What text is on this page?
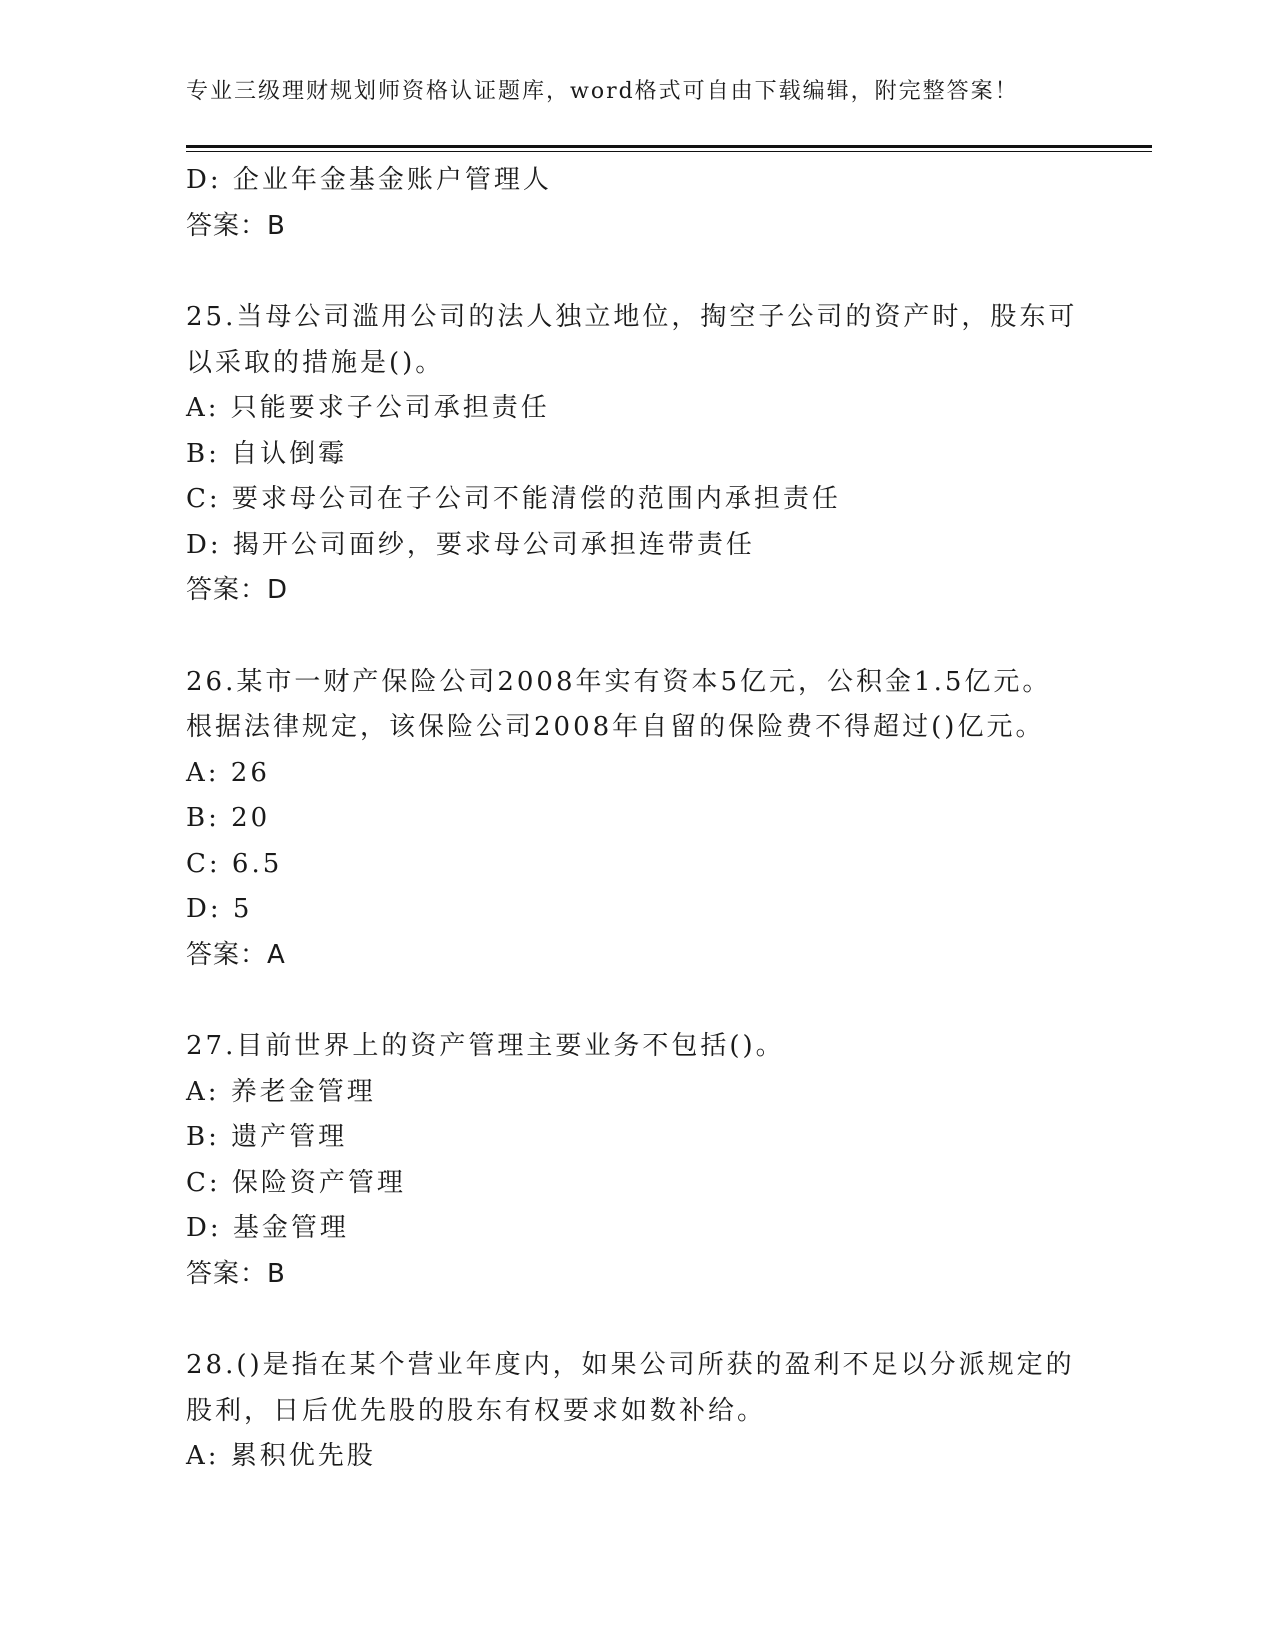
专业三级理财规划师资格认证题库，word格式可自由下载编辑，附完整答案！
D: 企业年金基金账户管理人
答案：B
25.当母公司滥用公司的法人独立地位，掏空子公司的资产时，股东可
以采取的措施是()。
A: 只能要求子公司承担责任
B: 自认倒霉
C: 要求母公司在子公司不能清偿的范围内承担责任
D: 揭开公司面纱，要求母公司承担连带责任
答案：D
26.某市一财产保险公司2008年实有资本5亿元，公积金1.5亿元。
根据法律规定，该保险公司2008年自留的保险费不得超过()亿元。
A: 26
B: 20
C: 6.5
D: 5
答案：A
27.目前世界上的资产管理主要业务不包括()。
A: 养老金管理
B: 遗产管理
C: 保险资产管理
D: 基金管理
答案：B
28.()是指在某个营业年度内，如果公司所获的盈利不足以分派规定的
股利，日后优先股的股东有权要求如数补给。
A: 累积优先股
